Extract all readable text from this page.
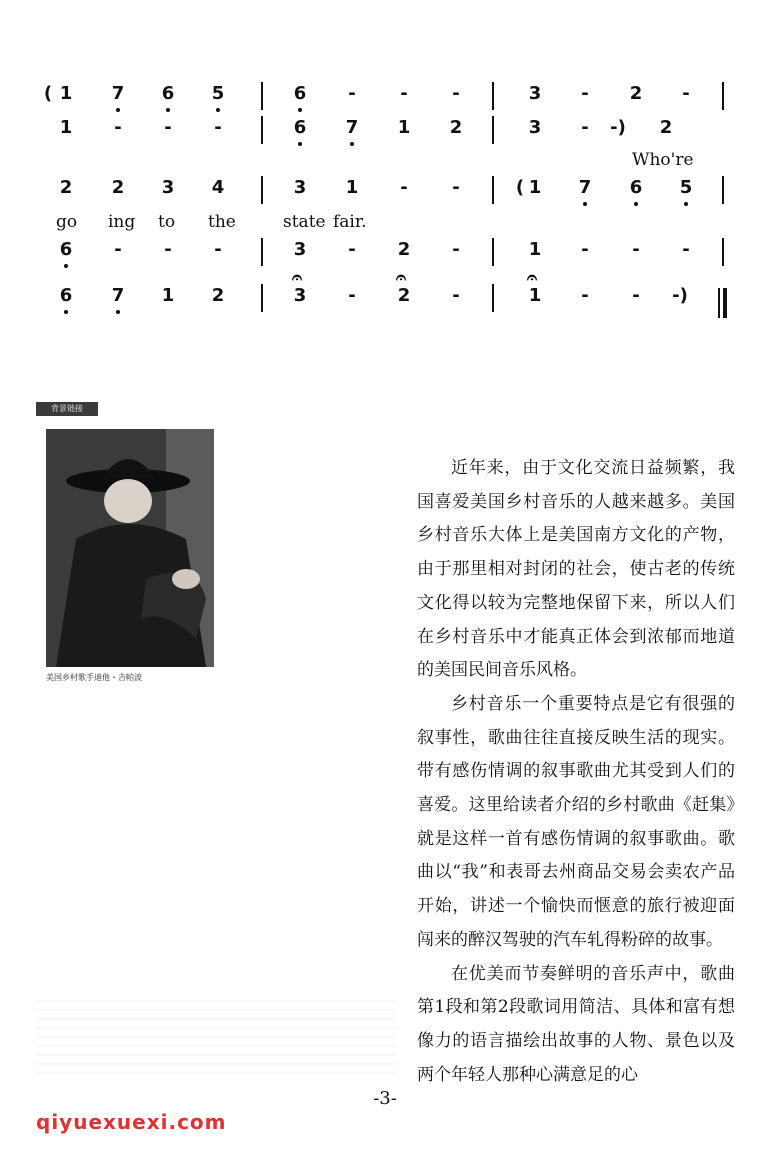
( 1	7	6	5	6	-	-	-	3	-	2	-
1	-	-	-	6	7	1	2	3	-	-)	2
2	2	3	4	3	1	-	-	( 1	7	6	5
6	-	-	-	3	-	2	-	1	-	-	-
6	7	1	2	3	-	2	-	1	-	-	-)
Who're
go ing to the	state fair.
𝄐	𝄐	𝄐
背景链接
美国乡村歌手迪他・吉帕波

近年来，由于文化交流日益频繁，我国喜爱美国乡村音乐的人越来越多。美国乡村音乐大体上是美国南方文化的产物，由于那里相对封闭的社会，使古老的传统文化得以较为完整地保留下来，所以人们在乡村音乐中才能真正体会到浓郁而地道的美国民间音乐风格。

乡村音乐一个重要特点是它有很强的叙事性，歌曲往往直接反映生活的现实。带有感伤情调的叙事歌曲尤其受到人们的喜爱。这里给读者介绍的乡村歌曲《赶集》就是这样一首有感伤情调的叙事歌曲。歌曲以“我”和表哥去州商品交易会卖农产品开始，讲述一个愉快而惬意的旅行被迎面闯来的醉汉驾驶的汽车轧得粉碎的故事。

在优美而节奏鲜明的音乐声中，歌曲第1段和第2段歌词用简洁、具体和富有想像力的语言描绘出故事的人物、景色以及两个年轻人那种心满意足的心

-3-
qiyuexuexi.com
